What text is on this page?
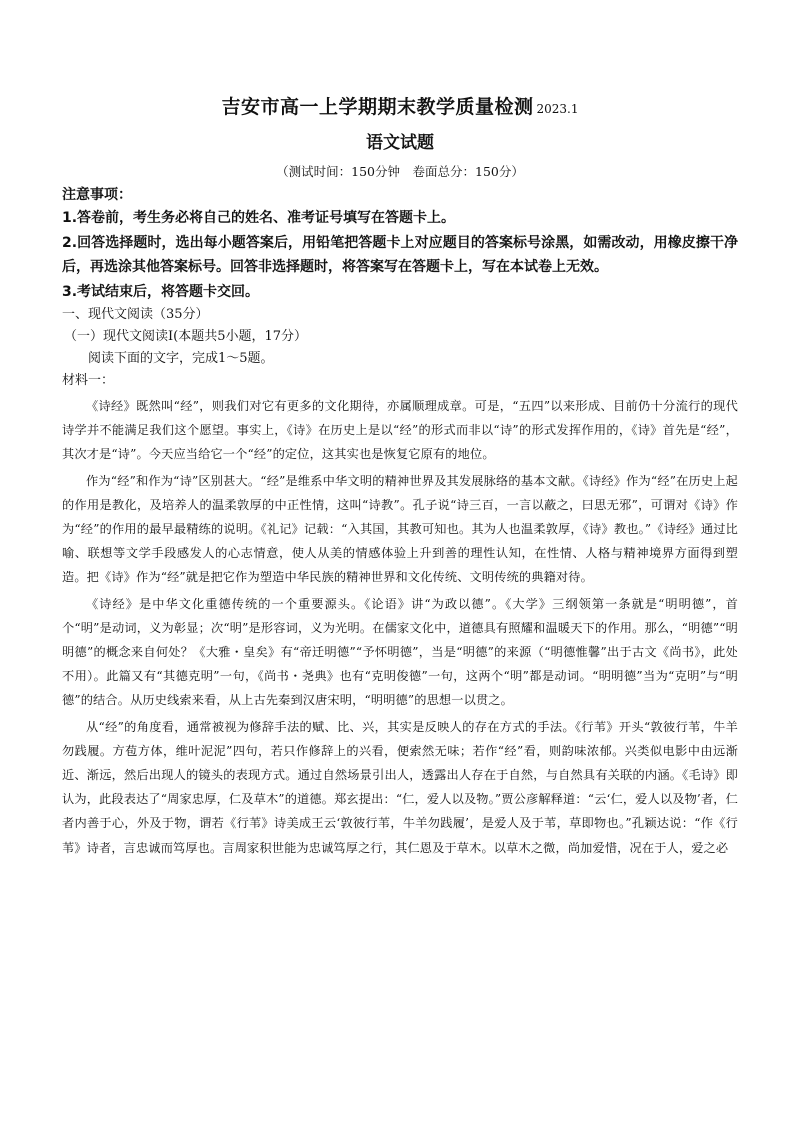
吉安市高一上学期期末教学质量检测 2023.1
语文试题
（测试时间：150分钟　卷面总分：150分）
注意事项：

1.答卷前，考生务必将自己的姓名、准考证号填写在答题卡上。

2.回答选择题时，选出每小题答案后，用铅笔把答题卡上对应题目的答案标号涂黑，如需改动，用橡皮擦干净后，再选涂其他答案标号。回答非选择题时，将答案写在答题卡上，写在本试卷上无效。

3.考试结束后，将答题卡交回。

一、现代文阅读（35分）

（一）现代文阅读Ⅰ(本题共5小题，17分）

阅读下面的文字，完成1～5题。

材料一：

《诗经》既然叫“经”，则我们对它有更多的文化期待，亦属顺理成章。可是，“五四”以来形成、目前仍十分流行的现代诗学并不能满足我们这个愿望。事实上，《诗》在历史上是以“经”的形式而非以“诗”的形式发挥作用的，《诗》首先是“经”，其次才是“诗”。今天应当给它一个“经”的定位，这其实也是恢复它原有的地位。

作为“经”和作为“诗”区别甚大。“经”是维系中华文明的精神世界及其发展脉络的基本文献。《诗经》作为“经”在历史上起的作用是教化，及培养人的温柔敦厚的中正性情，这叫“诗教”。孔子说“诗三百，一言以蔽之，曰思无邪”，可谓对《诗》作为“经”的作用的最早最精练的说明。《礼记》记载：“入其国，其教可知也。其为人也温柔敦厚，《诗》教也。”《诗经》通过比喻、联想等文学手段感发人的心志情意，使人从美的情感体验上升到善的理性认知，在性情、人格与精神境界方面得到塑造。把《诗》作为“经”就是把它作为塑造中华民族的精神世界和文化传统、文明传统的典籍对待。

《诗经》是中华文化重德传统的一个重要源头。《论语》讲“为政以德”。《大学》三纲领第一条就是“明明德”，首个“明”是动词，义为彰显；次“明”是形容词，义为光明。在儒家文化中，道德具有照耀和温暖天下的作用。那么，“明德”“明明德”的概念来自何处？《大雅・皇矣》有“帝迁明德”“予怀明德”，当是“明德”的来源（“明德惟馨”出于古文《尚书》，此处不用）。此篇又有“其德克明”一句，《尚书・尧典》也有“克明俊德”一句，这两个“明”都是动词。“明明德”当为“克明”与“明德”的结合。从历史线索来看，从上古先秦到汉唐宋明，“明明德”的思想一以贯之。

从“经”的角度看，通常被视为修辞手法的赋、比、兴，其实是反映人的存在方式的手法。《行苇》开头“敦彼行苇，牛羊勿践履。方苞方体，维叶泥泥”四句，若只作修辞上的兴看，便索然无味；若作“经”看，则韵味浓郁。兴类似电影中由远渐近、渐远，然后出现人的镜头的表现方式。通过自然场景引出人，透露出人存在于自然，与自然具有关联的内涵。《毛诗》即认为，此段表达了“周家忠厚，仁及草木”的道德。郑玄提出：“仁，爱人以及物。”贾公彦解释道：“云‘仁，爱人以及物’者，仁者内善于心，外及于物，谓若《行苇》诗美成王云‘敦彼行苇，牛羊勿践履’，是爱人及于苇，草即物也。”孔颖达说：“作《行苇》诗者，言忠诚而笃厚也。言周家积世能为忠诚笃厚之行，其仁恩及于草木。以草木之微，尚加爱惜，况在于人，爱之必
